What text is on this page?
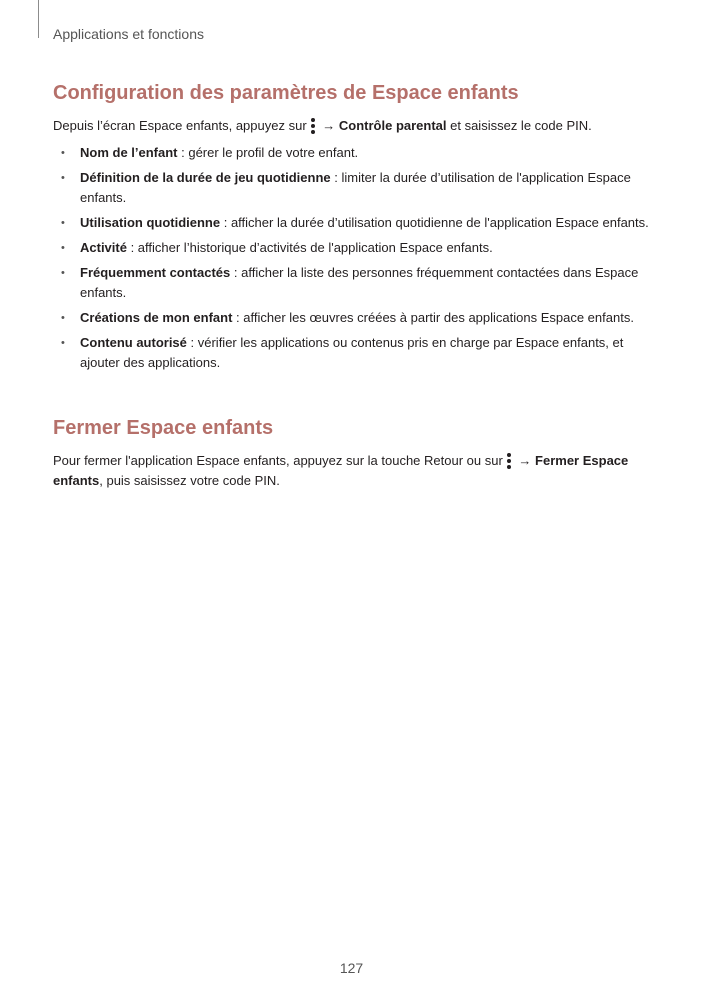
Applications et fonctions
Configuration des paramètres de Espace enfants

Depuis l’écran Espace enfants, appuyez sur
→ Contrôle parental et saisissez le code PIN.

• Nom de l’enfant : gérer le profil de votre enfant.
• Définition de la durée de jeu quotidienne : limiter la durée d’utilisation de l'application Espace enfants.
• Utilisation quotidienne : afficher la durée d’utilisation quotidienne de l'application Espace enfants.
• Activité : afficher l’historique d’activités de l'application Espace enfants.
• Fréquemment contactés : afficher la liste des personnes fréquemment contactées dans Espace enfants.
• Créations de mon enfant : afficher les œuvres créées à partir des applications Espace enfants.
• Contenu autorisé : vérifier les applications ou contenus pris en charge par Espace enfants, et ajouter des applications.
Fermer Espace enfants

Pour fermer l'application Espace enfants, appuyez sur la touche Retour ou sur
→ Fermer Espace enfants, puis saisissez votre code PIN.

127
